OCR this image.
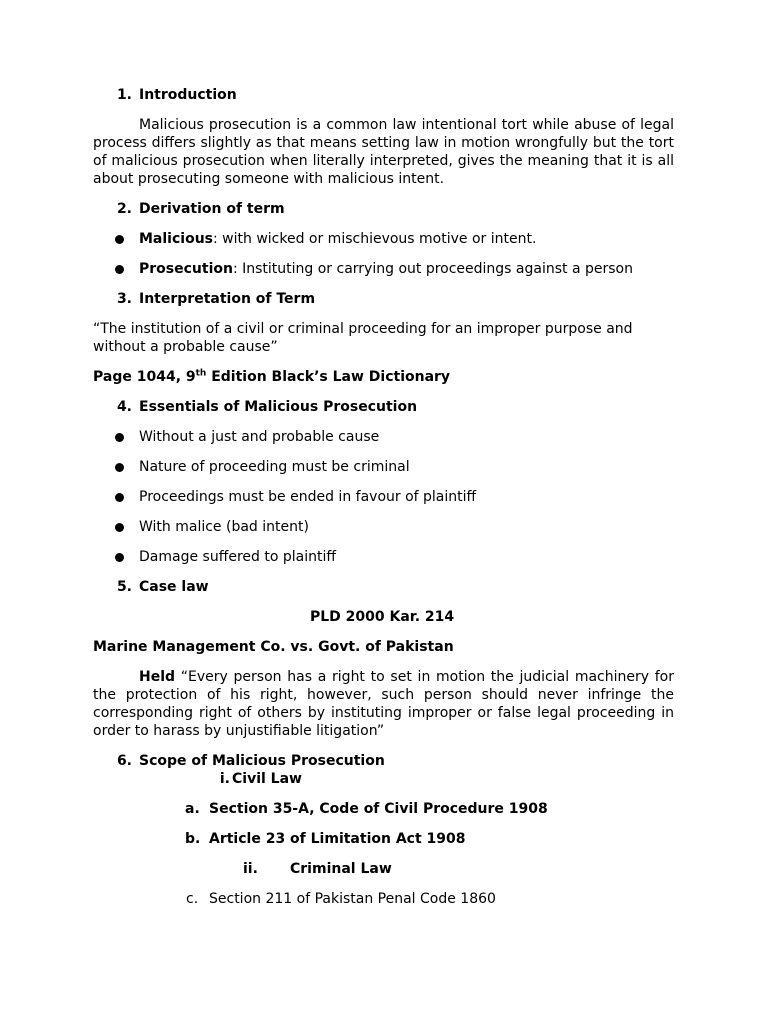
1. Introduction
Malicious prosecution is a common law intentional tort while abuse of legal process differs slightly as that means setting law in motion wrongfully but the tort of malicious prosecution when literally interpreted, gives the meaning that it is all about prosecuting someone with malicious intent.
2. Derivation of term
Malicious: with wicked or mischievous motive or intent.
Prosecution: Instituting or carrying out proceedings against a person
3. Interpretation of Term
“The institution of a civil or criminal proceeding for an improper purpose and
without a probable cause”
Page 1044, 9th Edition Black’s Law Dictionary
4. Essentials of Malicious Prosecution
Without a just and probable cause
Nature of proceeding must be criminal
Proceedings must be ended in favour of plaintiff
With malice (bad intent)
Damage suffered to plaintiff
5. Case law
PLD 2000 Kar. 214
Marine Management Co. vs. Govt. of Pakistan
Held “Every person has a right to set in motion the judicial machinery for the protection of his right, however, such person should never infringe the corresponding right of others by instituting improper or false legal proceeding in order to harass by unjustifiable litigation”
6. Scope of Malicious Prosecution
i. Civil Law
a. Section 35-A, Code of Civil Procedure 1908
b. Article 23 of Limitation Act 1908
ii. Criminal Law
c. Section 211 of Pakistan Penal Code 1860
